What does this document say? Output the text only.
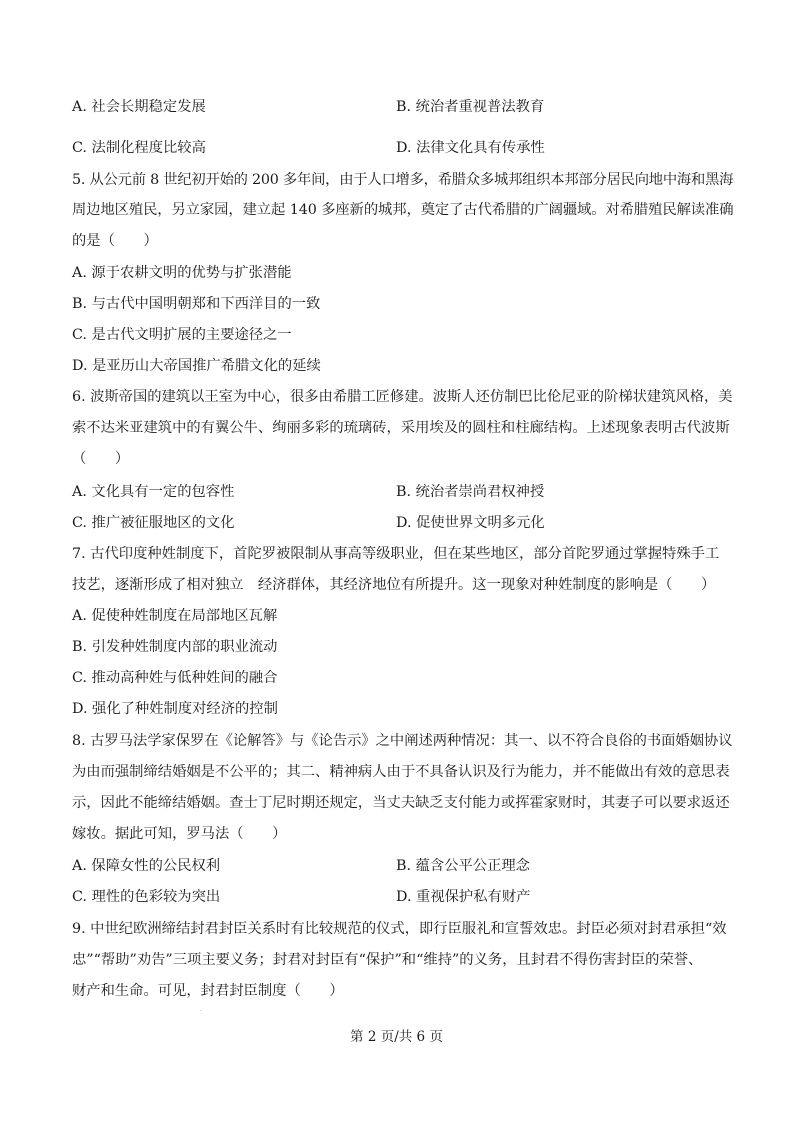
A. 社会长期稳定发展	B. 统治者重视普法教育
C. 法制化程度比较高	D. 法律文化具有传承性
5. 从公元前 8 世纪初开始的 200 多年间，由于人口增多，希腊众多城邦组织本邦部分居民向地中海和黑海
周边地区殖民，另立家园，建立起 140 多座新的城邦，奠定了古代希腊的广阔疆域。对希腊殖民解读准确
的是（　　）
A. 源于农耕文明的优势与扩张潜能
B. 与古代中国明朝郑和下西洋目的一致
C. 是古代文明扩展的主要途径之一
D. 是亚历山大帝国推广希腊文化的延续
6. 波斯帝国的建筑以王室为中心，很多由希腊工匠修建。波斯人还仿制巴比伦尼亚的阶梯状建筑风格，美
索不达米亚建筑中的有翼公牛、绚丽多彩的琉璃砖，采用埃及的圆柱和柱廊结构。上述现象表明古代波斯
（　　）
A. 文化具有一定的包容性	B. 统治者崇尚君权神授
C. 推广被征服地区的文化	D. 促使世界文明多元化
7. 古代印度种姓制度下，首陀罗被限制从事高等级职业，但在某些地区，部分首陀罗通过掌握特殊手工
技艺，逐渐形成了相对独立　经济群体，其经济地位有所提升。这一现象对种姓制度的影响是（　　）
A. 促使种姓制度在局部地区瓦解
B. 引发种姓制度内部的职业流动
C. 推动高种姓与低种姓间的融合
D. 强化了种姓制度对经济的控制
8. 古罗马法学家保罗在《论解答》与《论告示》之中阐述两种情况：其一、以不符合良俗的书面婚姻协议
为由而强制缔结婚姻是不公平的；其二、精神病人由于不具备认识及行为能力，并不能做出有效的意思表
示，因此不能缔结婚姻。查士丁尼时期还规定，当丈夫缺乏支付能力或挥霍家财时，其妻子可以要求返还
嫁妆。据此可知，罗马法（　　）
A. 保障女性的公民权利	B. 蕴含公平公正理念
C. 理性的色彩较为突出	D. 重视保护私有财产
9. 中世纪欧洲缔结封君封臣关系时有比较规范的仪式，即行臣服礼和宣誓效忠。封臣必须对封君承担“效
忠”“帮助”劝告”三项主要义务；封君对封臣有“保护”和“维持”的义务，且封君不得伤害封臣的荣誉、
财产和生命。可见，封君封臣制度（　　）
·
第 2 页/共 6 页
